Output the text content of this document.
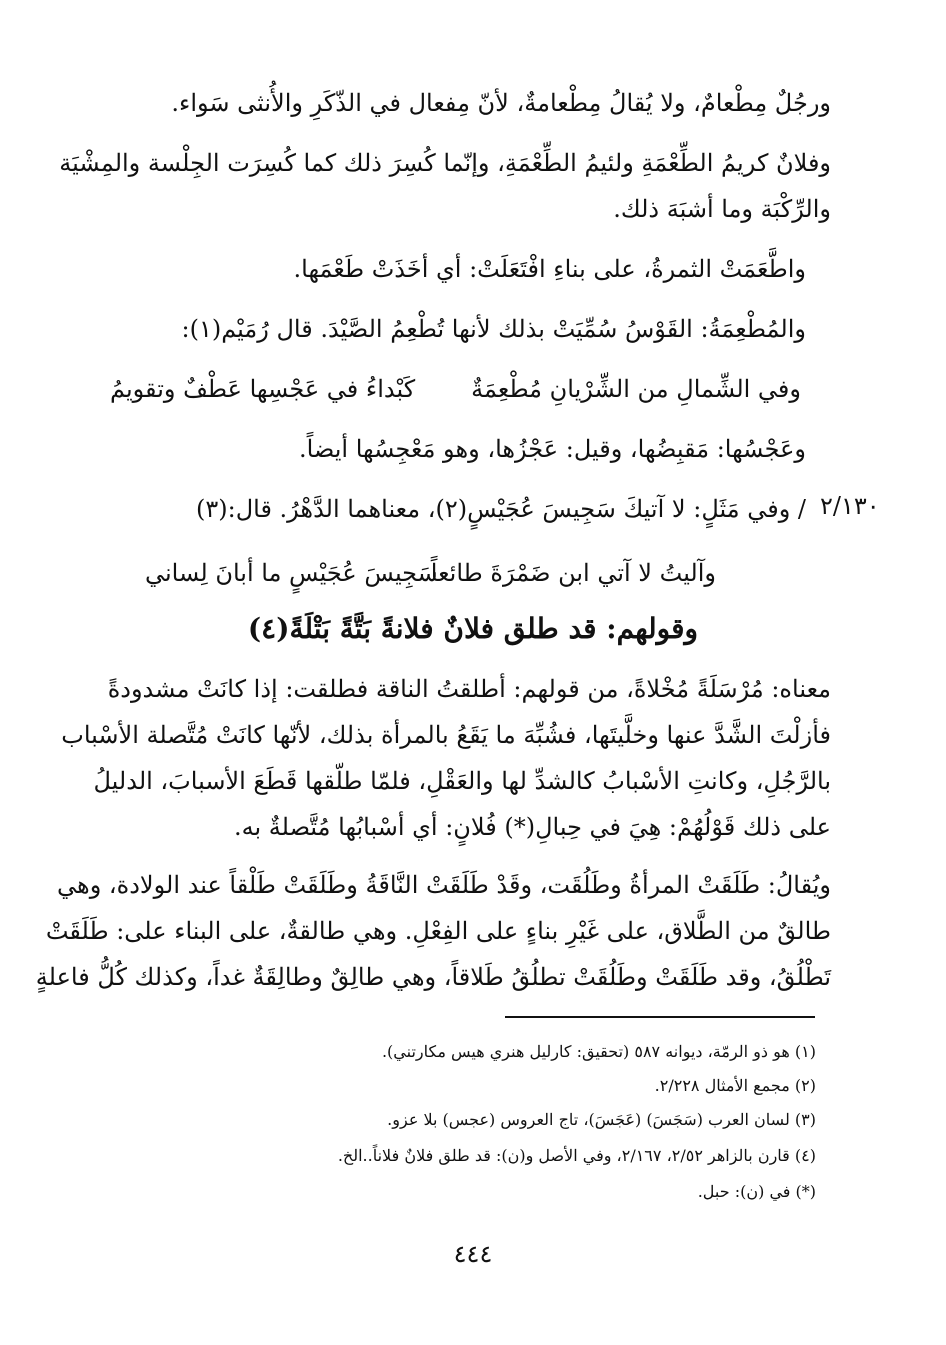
ورجُلٌ مِطْعامٌ، ولا يُقالُ مِطْعامةٌ، لأنّ مِفعال في الذّكَرِ والأُنثى سَواء.
وفلانٌ كريمُ الطِّعْمَةِ ولئيمُ الطِّعْمَةِ، وإنّما كُسِرَ ذلك كما كُسِرَت الجِلْسة والمِشْيَة
والرِّكْبَة وما أشبَهَ ذلك.
واطَّعَمَتْ الثمرةُ، على بناءِ افْتَعَلَتْ: أي أخَذَتْ طَعْمَها.
والمُطْعِمَةُ: القَوْسُ سُمِّيَتْ بذلك لأنها تُطْعِمُ الصَّيْدَ. قال رُمَيْم(١):
وفي الشِّمالِ من الشِّرْيانِ مُطْعِمَةٌ
كَبْداءُ في عَجْسِها عَطْفٌ وتقويمُ
وعَجْسُها: مَقبِضُها، وقيل: عَجْزُها، وهو مَعْجِسُها أيضاً.
/ وفي مَثَلٍ: لا آتيكَ سَجِيسَ عُجَيْسٍ(٢)، معناهما الدَّهْرُ. قال:(٣) ٢/١٣٠
وآليتُ لا آتي ابن ضَمْرَةَ طائعاً
سَجِيسَ عُجَيْسٍ ما أبانَ لِساني
وقولهم: قد طلق فلانٌ فلانةً بَتَّةً بَتْلَةً(٤)
معناه: مُرْسَلَةً مُخْلاةً، من قولهم: أطلقتُ الناقة فطلقت: إذا كانَتْ مشدودةً
فأزلْتَ الشَّدَّ عنها وخلَّيتَها، فشُبِّهَ ما يَقَعُ بالمرأة بذلك، لأنّها كانَتْ مُتَّصلة الأسْباب
بالرَّجُلِ، وكانتِ الأسْبابُ كالشدِّ لها والعَقْلِ، فلمّا طلّقها قَطَعَ الأسبابَ، الدليلُ
على ذلك قَوْلُهُمْ: هِيَ في حِبالِ(*) فُلانٍ: أي أسْبابُها مُتَّصلةٌ به.
ويُقالُ: طَلَقَتْ المرأةُ وطَلُقَت، وقَدْ طَلَقَتْ النَّاقَةُ وطَلَقَتْ طَلْقاً عند الولادة، وهي
طالقٌ من الطَّلاق، على غَيْرِ بناءٍ على الفِعْلِ. وهي طالقةٌ، على البناء على: طَلَقَتْ
تَطْلُقُ، وقد طَلَقَتْ وطَلُقَتْ تطلُقُ طَلاقاً، وهي طالِقٌ وطالِقَةٌ غداً، وكذلك كُلُّ فاعلةٍ
(١) هو ذو الرمّة، ديوانه ٥٨٧ (تحقيق: كارليل هنري هيس مكارتني).
(٢) مجمع الأمثال ٢/٢٢٨.
(٣) لسان العرب (سَجَسَ) (عَجَسَ)، تاج العروس (عجس) بلا عزو.
(٤) قارن بالزاهر ٢/٥٢، ٢/١٦٧، وفي الأصل و(ن): قد طلق فلانٌ فلاناً..الخ.
(*) في (ن): حبل.
٤٤٤
